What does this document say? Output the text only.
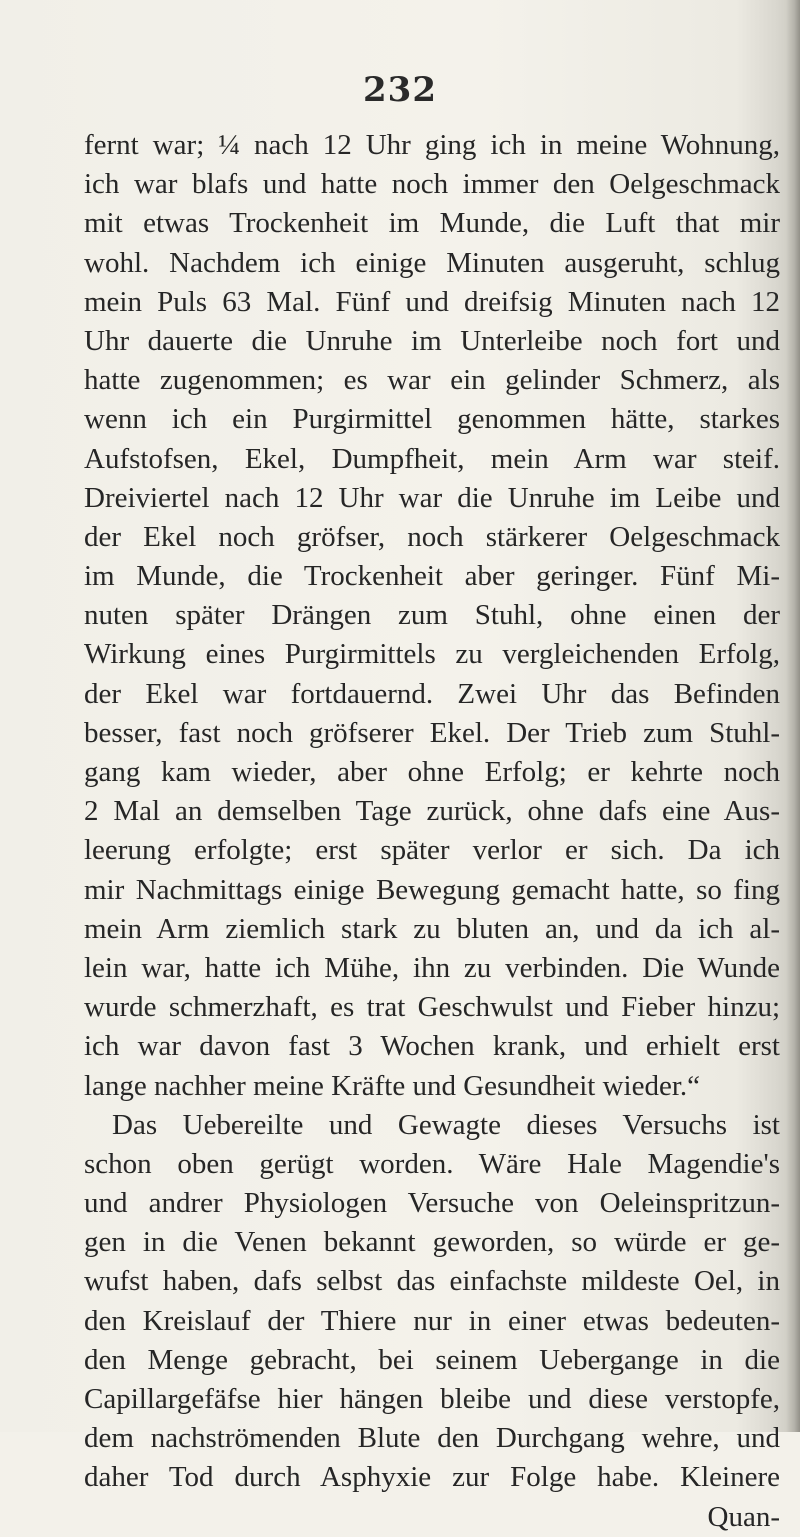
232
fernt war; ¼ nach 12 Uhr ging ich in meine Wohnung,
ich war blafs und hatte noch immer den Oelgeschmack
mit etwas Trockenheit im Munde, die Luft that mir
wohl. Nachdem ich einige Minuten ausgeruht, schlug
mein Puls 63 Mal. Fünf und dreifsig Minuten nach 12
Uhr dauerte die Unruhe im Unterleibe noch fort und
hatte zugenommen; es war ein gelinder Schmerz, als
wenn ich ein Purgirmittel genommen hätte, starkes
Aufstofsen, Ekel, Dumpfheit, mein Arm war steif.
Dreiviertel nach 12 Uhr war die Unruhe im Leibe und
der Ekel noch gröfser, noch stärkerer Oelgeschmack
im Munde, die Trockenheit aber geringer. Fünf Mi-
nuten später Drängen zum Stuhl, ohne einen der
Wirkung eines Purgirmittels zu vergleichenden Erfolg,
der Ekel war fortdauernd. Zwei Uhr das Befinden
besser, fast noch gröfserer Ekel. Der Trieb zum Stuhl-
gang kam wieder, aber ohne Erfolg; er kehrte noch
2 Mal an demselben Tage zurück, ohne dafs eine Aus-
leerung erfolgte; erst später verlor er sich. Da ich
mir Nachmittags einige Bewegung gemacht hatte, so fing
mein Arm ziemlich stark zu bluten an, und da ich al-
lein war, hatte ich Mühe, ihn zu verbinden. Die Wunde
wurde schmerzhaft, es trat Geschwulst und Fieber hinzu;
ich war davon fast 3 Wochen krank, und erhielt erst
lange nachher meine Kräfte und Gesundheit wieder.“
Das Uebereilte und Gewagte dieses Versuchs ist
schon oben gerügt worden. Wäre Hale Magendie's
und andrer Physiologen Versuche von Oeleinspritzun-
gen in die Venen bekannt geworden, so würde er ge-
wufst haben, dafs selbst das einfachste mildeste Oel, in
den Kreislauf der Thiere nur in einer etwas bedeuten-
den Menge gebracht, bei seinem Uebergange in die
Capillargefäfse hier hängen bleibe und diese verstopfe,
dem nachströmenden Blute den Durchgang wehre, und
daher Tod durch Asphyxie zur Folge habe. Kleinere
Quan-
